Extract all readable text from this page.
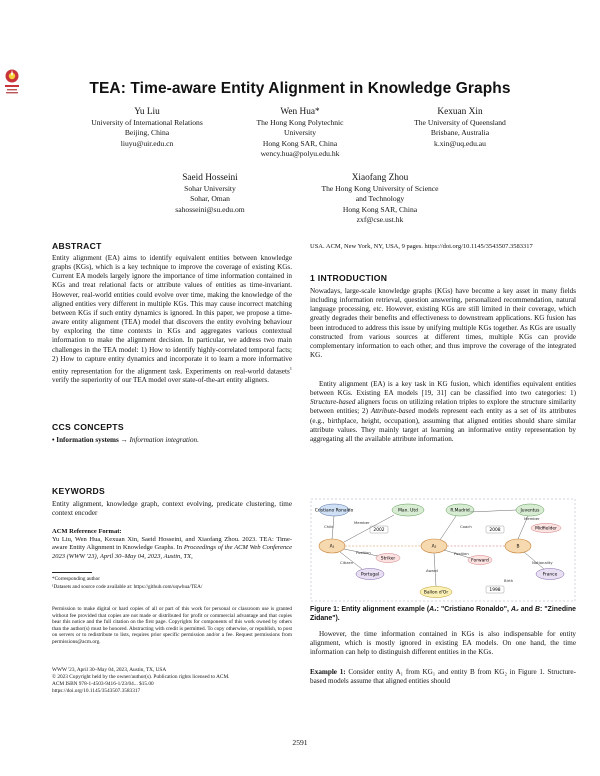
TEA: Time-aware Entity Alignment in Knowledge Graphs
Yu Liu
University of International Relations
Beijing, China
liuyu@uir.edu.cn
Wen Hua*
The Hong Kong Polytechnic
University
Hong Kong SAR, China
wency.hua@polyu.edu.hk
Kexuan Xin
The University of Queensland
Brisbane, Australia
k.xin@uq.edu.au
Saeid Hosseini
Sohar University
Sohar, Oman
sahosseini@su.edu.om
Xiaofang Zhou
The Hong Kong University of Science
and Technology
Hong Kong SAR, China
zxf@cse.ust.hk
ABSTRACT
Entity alignment (EA) aims to identify equivalent entities between knowledge graphs (KGs), which is a key technique to improve the coverage of existing KGs. Current EA models largely ignore the importance of time information contained in KGs and treat relational facts or attribute values of entities as time-invariant. However, real-world entities could evolve over time, making the knowledge of the aligned entities very different in multiple KGs. This may cause incorrect matching between KGs if such entity dynamics is ignored. In this paper, we propose a time-aware entity alignment (TEA) model that discovers the entity evolving behaviour by exploring the time contexts in KGs and aggregates various contextual information to make the alignment decision. In particular, we address two main challenges in the TEA model: 1) How to identify highly-correlated temporal facts; 2) How to capture entity dynamics and incorporate it to learn a more informative entity representation for the alignment task. Experiments on real-world datasets$^1$ verify the superiority of our TEA model over state-of-the-art entity aligners.
CCS CONCEPTS
• Information systems → Information integration.
KEYWORDS
Entity alignment, knowledge graph, context evolving, predicate clustering, time context encoder
ACM Reference Format:
Yu Liu, Wen Hua, Kexuan Xin, Saeid Hosseini, and Xiaofang Zhou. 2023. TEA: Time-aware Entity Alignment in Knowledge Graphs. In Proceedings of the ACM Web Conference 2023 (WWW '23), April 30–May 04, 2023, Austin, TX,
*Corresponding author
¹Datasets and source code available at: https://github.com/uqwhua/TEA/
Permission to make digital or hard copies of all or part of this work for personal or classroom use is granted without fee provided that copies are not made or distributed for profit or commercial advantage and that copies bear this notice and the full citation on the first page. Copyrights for components of this work owned by others than the author(s) must be honored. Abstracting with credit is permitted. To copy otherwise, or republish, to post on servers or to redistribute to lists, requires prior specific permission and/or a fee. Request permissions from permissions@acm.org.
WWW '23, April 30–May 04, 2023, Austin, TX, USA
© 2023 Copyright held by the owner/author(s). Publication rights licensed to ACM.
ACM ISBN 978-1-4503-9416-1/23/04... $15.00
https://doi.org/10.1145/3543507.3583317
USA. ACM, New York, NY, USA, 9 pages. https://doi.org/10.1145/3543507.3583317
1 INTRODUCTION
Nowadays, large-scale knowledge graphs (KGs) have become a key asset in many fields including information retrieval, question answering, personalized recommendation, natural language processing, etc. However, existing KGs are still limited in their coverage, which greatly degrades their benefits and effectiveness to downstream applications. KG fusion has been introduced to address this issue by unifying multiple KGs together. As KGs are usually constructed from various sources at different times, multiple KGs can provide complementary information to each other, and thus improve the coverage of the integrated KG.
Entity alignment (EA) is a key task in KG fusion, which identifies equivalent entities between KGs. Existing EA models [19, 31] can be classified into two categories: 1) Structure-based aligners focus on utilizing relation triples to explore the structure similarity between entities; 2) Attribute-based models represent each entity as a set of its attributes (e.g., birthplace, height, occupation), assuming that aligned entities should share similar attribute values. They mainly target at learning an informative entity representation by aggregating all the available attribute information.
Cristiano Ronaldo	Man. Utd	R.Madrid	Juventus
A₁	A₂	B
Portugal	France
Ballon d'Or
2002	2008
1998
Striker	Forward
Midfielder
Child
Member
Coach
Member
Award
Citizen	Nationality
Position	Position
Birth
Figure 1: Entity alignment example (A₁: "Cristiano Ronaldo", A₂ and B: "Zinedine Zidane").
However, the time information contained in KGs is also indispensable for entity alignment, which is mostly ignored in existing EA models. On one hand, the time information can help to distinguish different entities in the KGs.
Example 1: Consider entity A₁ from KG₁ and entity B from KG₂ in Figure 1. Structure-based models assume that aligned entities should
2591
